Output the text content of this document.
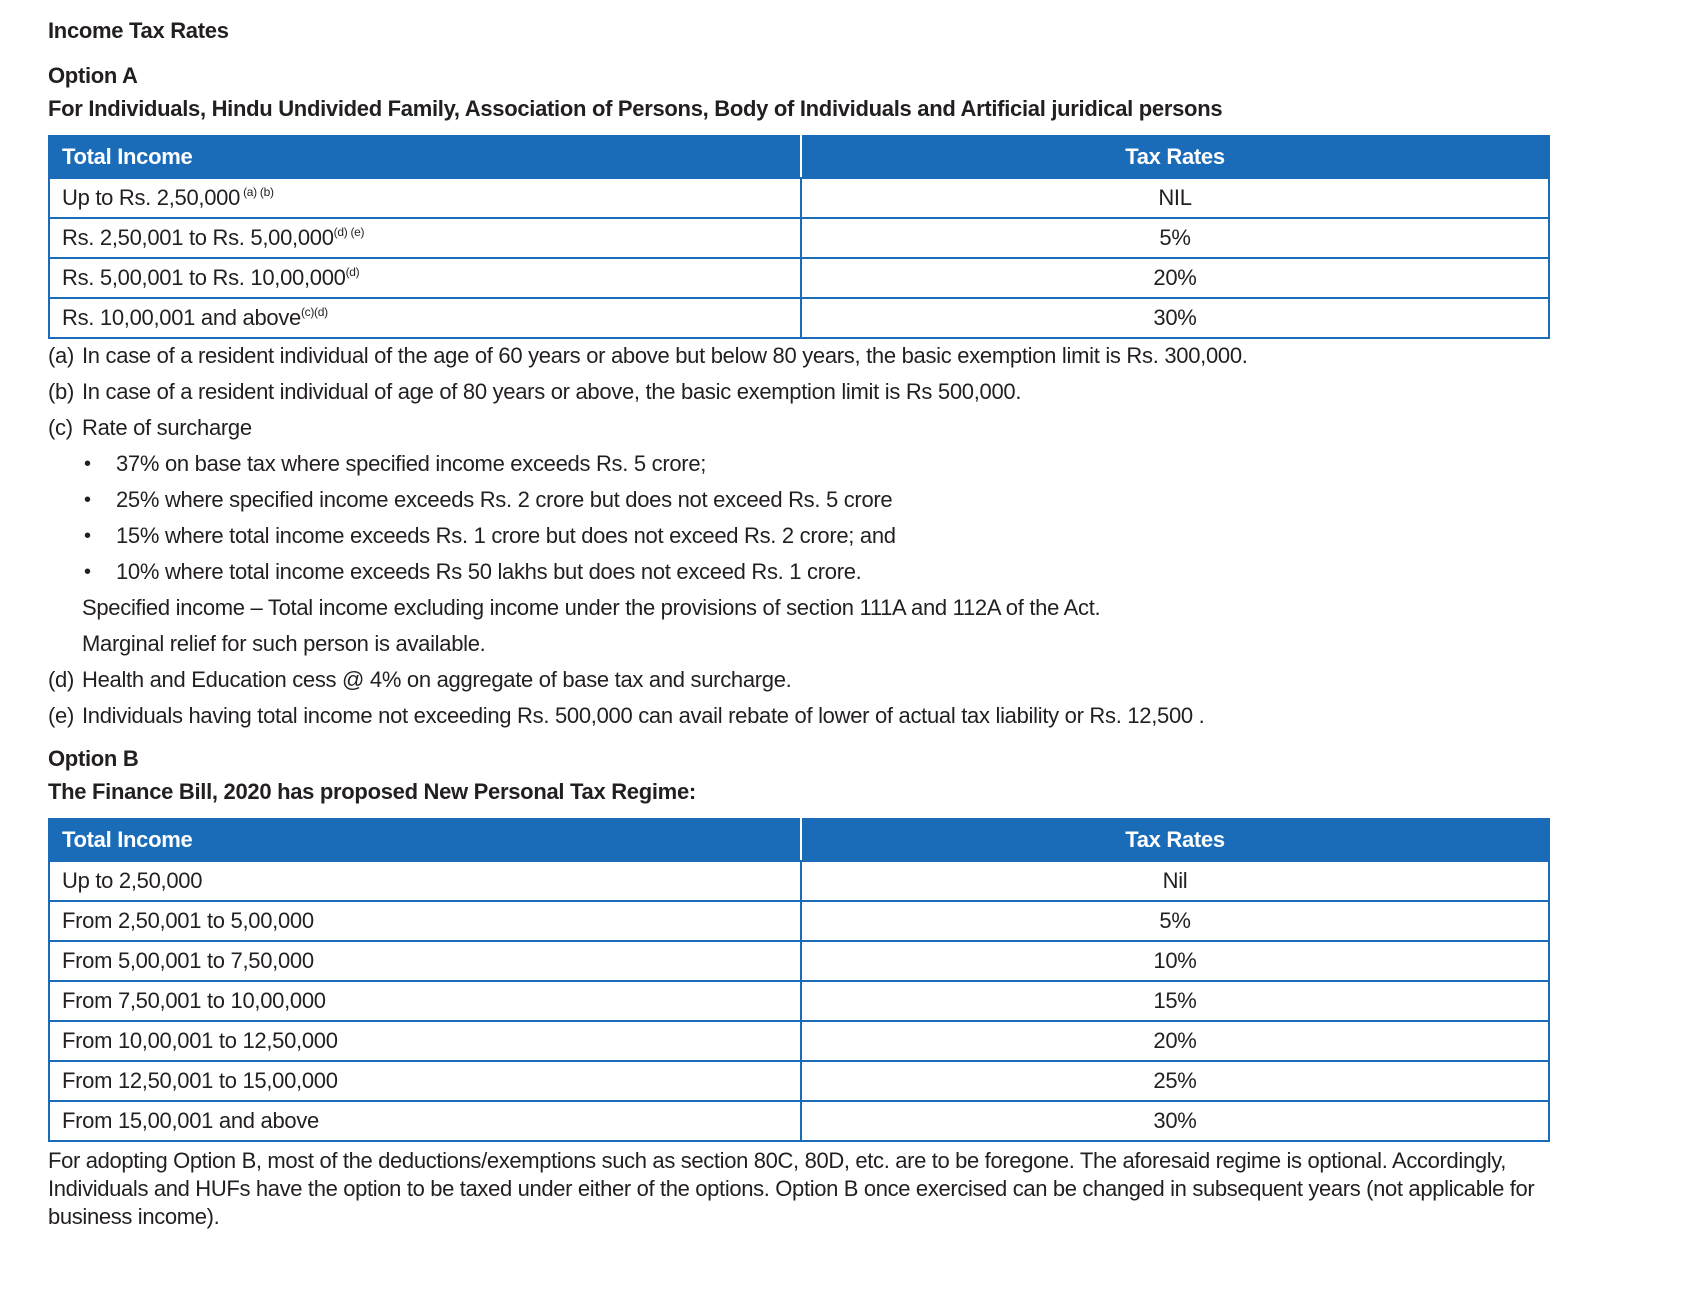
Income Tax Rates
Option A
For Individuals, Hindu Undivided Family, Association of Persons, Body of Individuals and Artificial juridical persons
Total Income	Tax Rates
Up to Rs. 2,50,000 $^{(a) (b)}$	NIL
Rs. 2,50,001 to Rs. $5,00,000^{(d) (e)}$	5%
Rs. 5,00,001 to Rs. 10,00,000$^{(d)}$	20%
Rs. 10,00,001 and above$^{(c)(d)}$	30%
(a) In case of a resident individual of the age of 60 years or above but below 80 years, the basic exemption limit is Rs. 300,000.
(b) In case of a resident individual of age of 80 years or above, the basic exemption limit is Rs 500,000.
(c) Rate of surcharge
•	37% on base tax where specified income exceeds Rs. 5 crore;
•	25% where specified income exceeds Rs. 2 crore but does not exceed Rs. 5 crore
•	15% where total income exceeds Rs. 1 crore but does not exceed Rs. 2 crore; and
•	10% where total income exceeds Rs 50 lakhs but does not exceed Rs. 1 crore.
Specified income – Total income excluding income under the provisions of section 111A and 112A of the Act.
Marginal relief for such person is available.
(d) Health and Education cess @ 4% on aggregate of base tax and surcharge.
(e) Individuals having total income not exceeding Rs. 500,000 can avail rebate of lower of actual tax liability or Rs. 12,500 .
Option B
The Finance Bill, 2020 has proposed New Personal Tax Regime:
Total Income	Tax Rates
Up to 2,50,000	Nil
From 2,50,001 to 5,00,000	5%
From 5,00,001 to 7,50,000	10%
From 7,50,001 to 10,00,000	15%
From 10,00,001 to 12,50,000	20%
From 12,50,001 to 15,00,000	25%
From 15,00,001 and above	30%
For adopting Option B, most of the deductions/exemptions such as section 80C, 80D, etc. are to be foregone. The aforesaid regime is optional. Accordingly, Individuals and HUFs have the option to be taxed under either of the options. Option B once exercised can be changed in subsequent years (not applicable for business income).
